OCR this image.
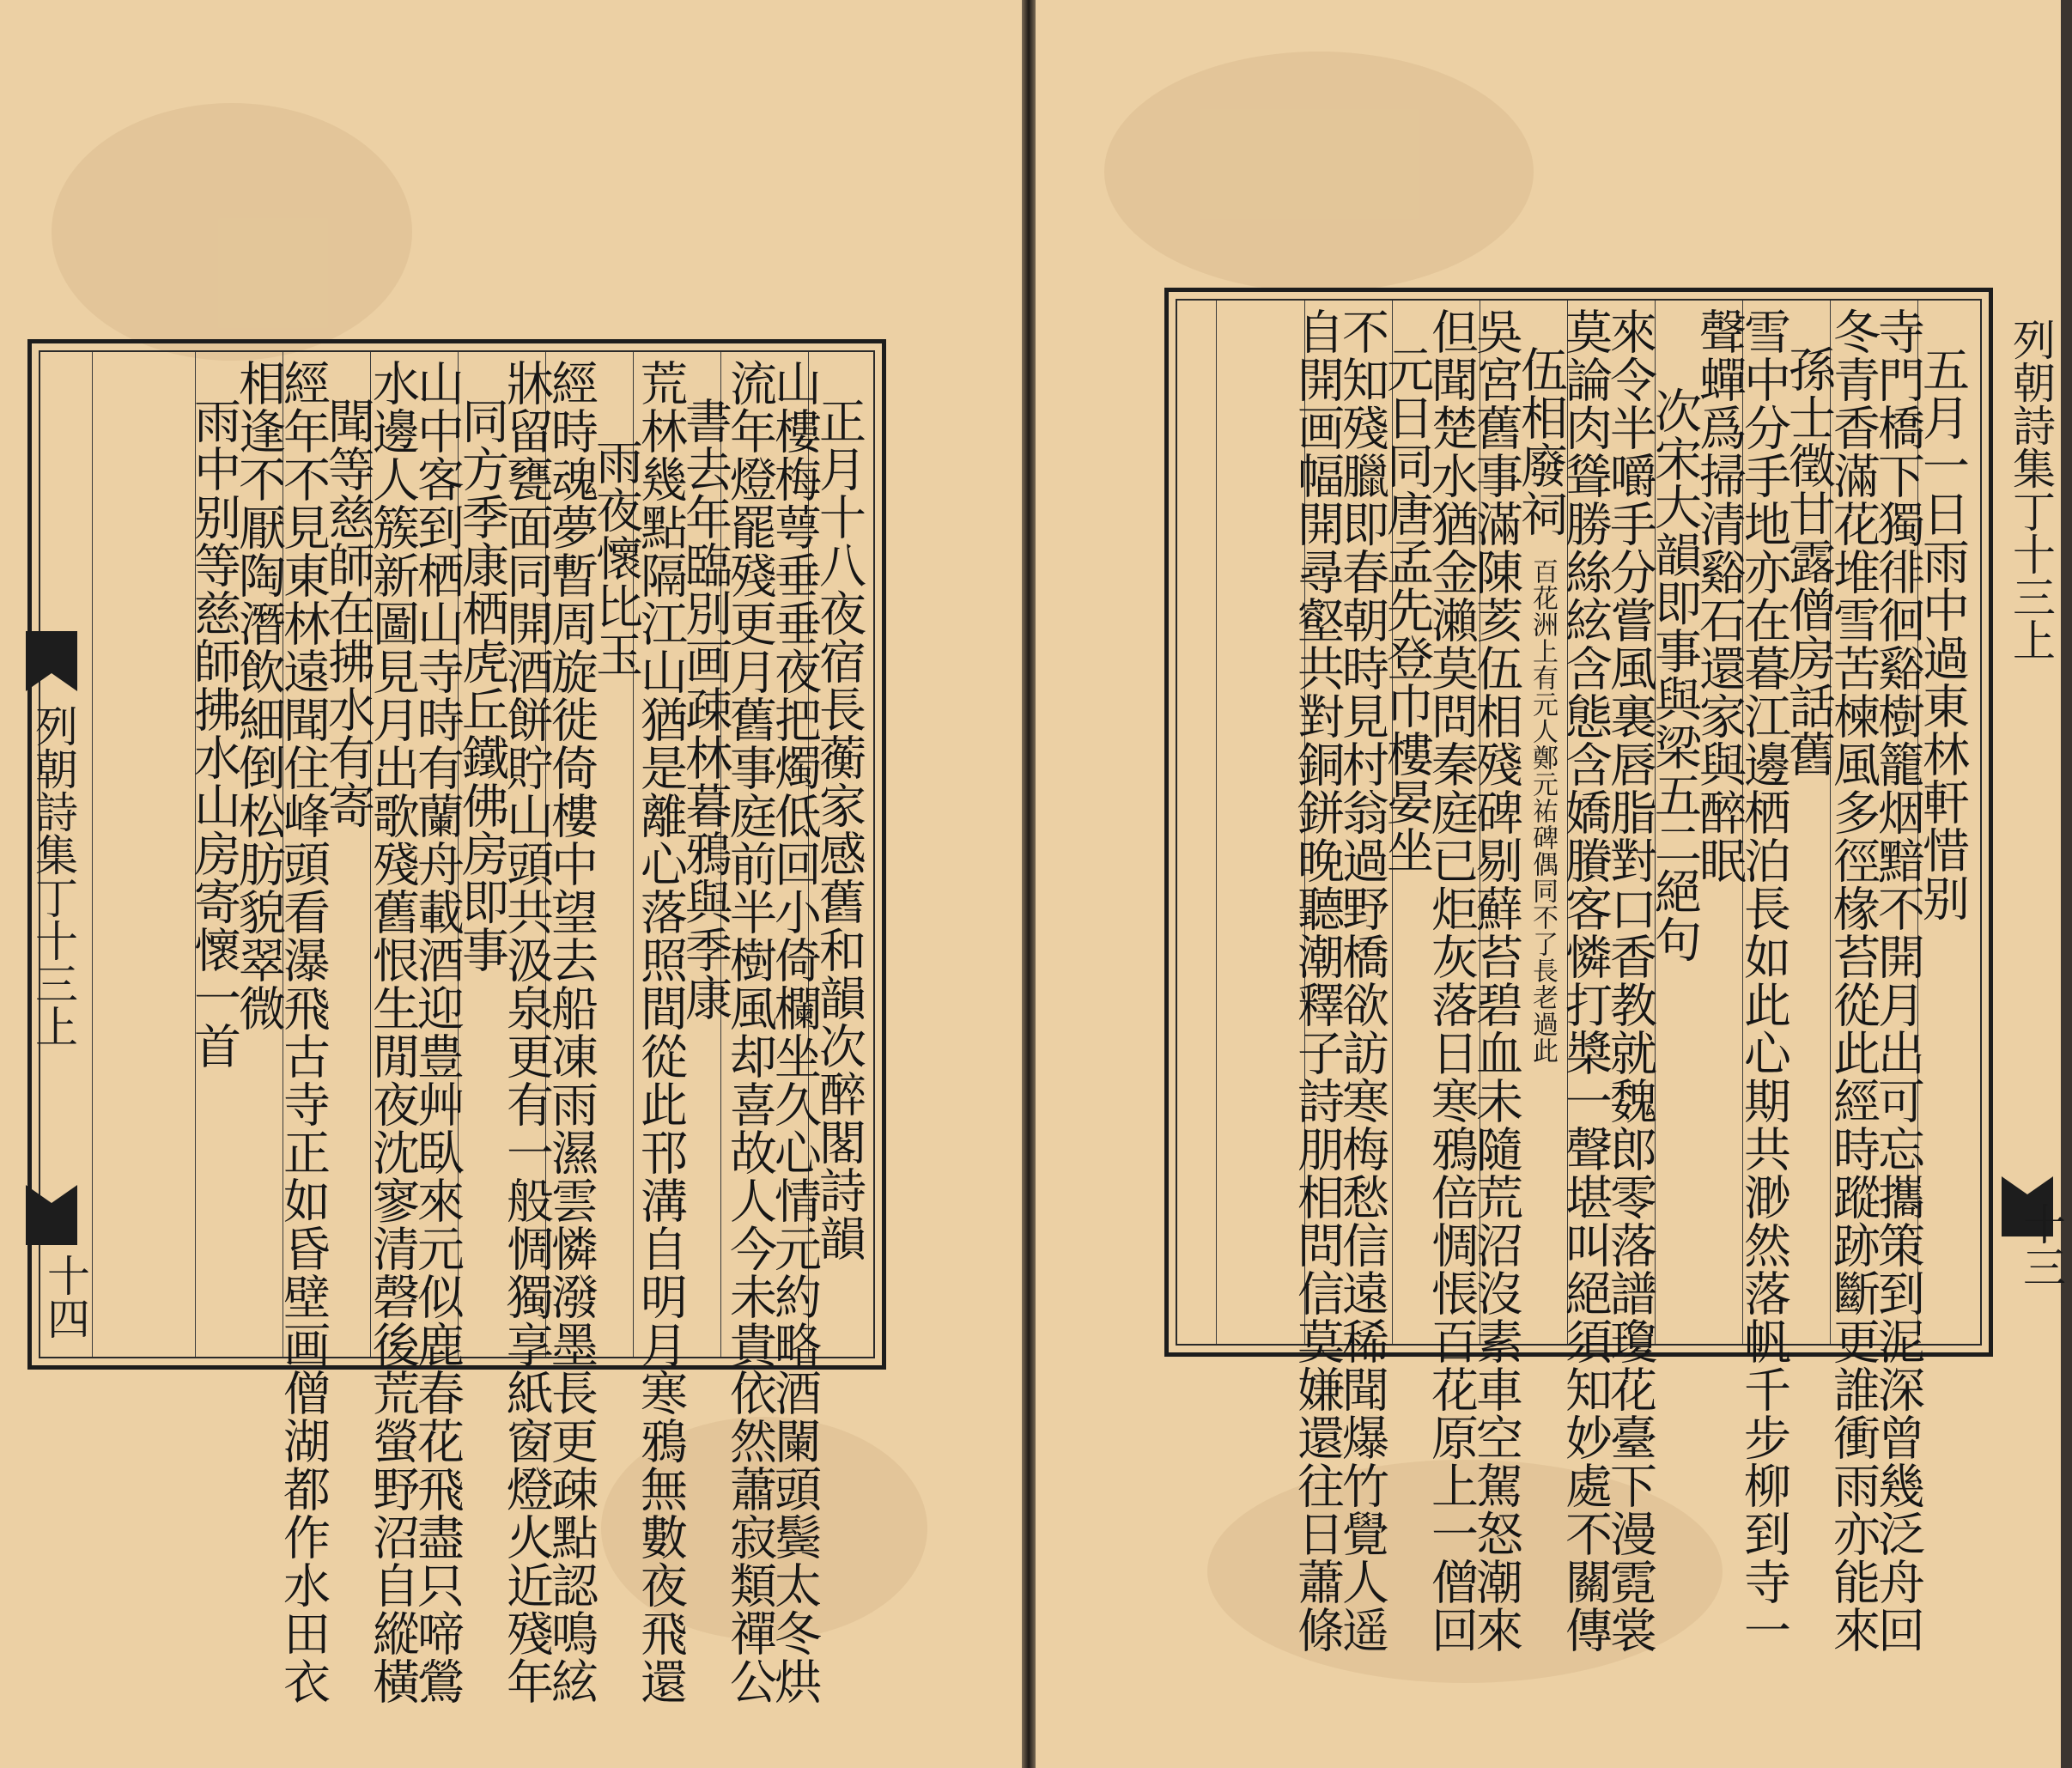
正月十八夜宿長蘅家感舊和韻次醉閣詩韻
山樓梅萼垂垂夜把燭低回小倚欄坐久心情元約略酒闌頭鬓太冬烘
流年燈罷殘更月舊事庭前半樹風却喜故人今未貴依然蕭寂類禪公
書去年臨別画疎林暮鴉與季康
荒林幾點隔江山猶是離心落照間從此邗溝自明月寒鴉無數夜飛還
雨夜懷比玉
經時魂夢暫周旋徙倚樓中望去船凍雨濕雲憐潑墨長更疎點認鳴絃
牀留甕面同開酒餅貯山頭共汲泉更有一般惆獨享紙窗燈火近殘年
同方季康栖虎丘鐵佛房即事
山中客到栖山寺時有蘭舟載酒迎豊艸臥來元似鹿春花飛盡只啼鶯
水邊人簇新圖見月出歌殘舊恨生閒夜沈寥清磬後荒螢野沼自縱橫
聞等慈師在拂水有寄
經年不見東林遠聞住峰頭看瀑飛古寺正如昏壁画僧湖都作水田衣
相逢不厭陶潛飲細倒松肪貌翠微
雨中别等慈師拂水山房寄懷一首
列朝詩集丁十三上
十四
五月一日雨中過東林軒惜别
寺門橋下獨徘徊谿樹籠烟黯不開月出可忘攜策到泥深曾幾泛舟回
冬青香滿花堆雪苦楝風多徑椽苔從此經時蹤跡斷更誰衝雨亦能來
孫士徵甘露僧房話舊
雪中分手地亦在暮江邊栖泊長如此心期共渺然落帆千步柳到寺一
聲蟬爲掃清谿石還家與醉眠
次宋大韻即事與梁五二絕句
來令半嚼手分嘗風裏唇脂對口香教就魏郎零落譜瓊花臺下漫霓裳
莫論肉聳勝絲絃含態含嬌賸客憐打槳一聲堪叫絕須知妙處不關傳
伍相廢祠
百花洲上有元人鄭元祐碑偶同不了長老過此
吳宮舊事滿陳荄伍相殘碑剔蘚苔碧血未隨荒沼沒素車空駕怒潮來
但聞楚水猶金瀨莫問秦庭已炬灰落日寒鴉倍惆悵百花原上一僧回
元日同唐孟先登巾樓晏坐
不知殘臘即春朝時見村翁過野橋欲訪寒梅愁信遠稀聞爆竹覺人遥
自開画幅開尋壑共對銅鉼晚聽潮釋子詩朋相問信莫嫌還往日蕭條	列朝詩集丁十三上
十三
